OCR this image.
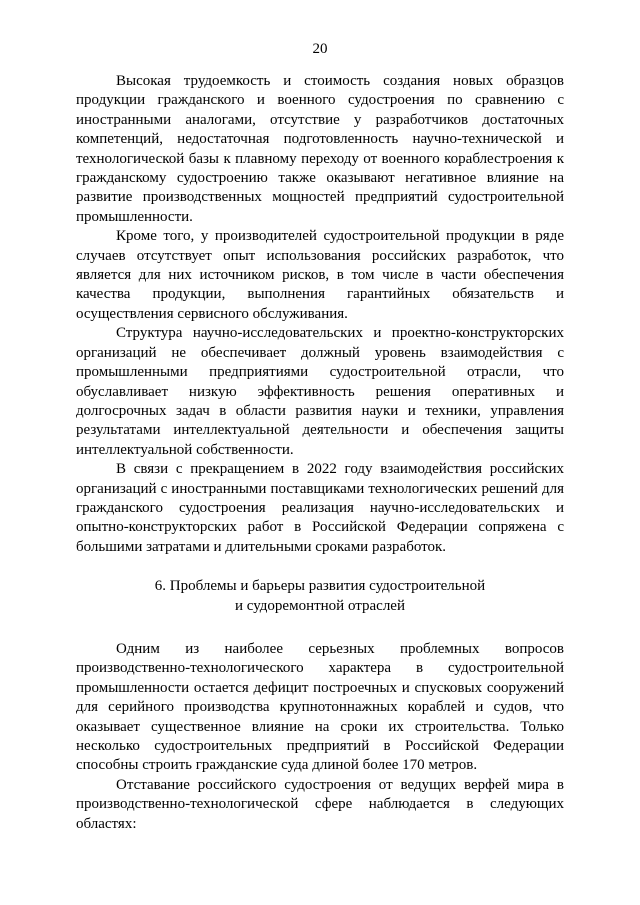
20

Высокая трудоемкость и стоимость создания новых образцов продукции гражданского и военного судостроения по сравнению с иностранными аналогами, отсутствие у разработчиков достаточных компетенций, недостаточная подготовленность научно-технической и технологической базы к плавному переходу от военного кораблестроения к гражданскому судостроению также оказывают негативное влияние на развитие производственных мощностей предприятий судостроительной промышленности.

Кроме того, у производителей судостроительной продукции в ряде случаев отсутствует опыт использования российских разработок, что является для них источником рисков, в том числе в части обеспечения качества продукции, выполнения гарантийных обязательств и осуществления сервисного обслуживания.

Структура научно-исследовательских и проектно-конструкторских организаций не обеспечивает должный уровень взаимодействия с промышленными предприятиями судостроительной отрасли, что обуславливает низкую эффективность решения оперативных и долгосрочных задач в области развития науки и техники, управления результатами интеллектуальной деятельности и обеспечения защиты интеллектуальной собственности.

В связи с прекращением в 2022 году взаимодействия российских организаций с иностранными поставщиками технологических решений для гражданского судостроения реализация научно-исследовательских и опытно-конструкторских работ в Российской Федерации сопряжена с большими затратами и длительными сроками разработок.

6. Проблемы и барьеры развития судостроительной
и судоремонтной отраслей

Одним из наиболее серьезных проблемных вопросов производственно-технологического характера в судостроительной промышленности остается дефицит построечных и спусковых сооружений для серийного производства крупнотоннажных кораблей и судов, что оказывает существенное влияние на сроки их строительства. Только несколько судостроительных предприятий в Российской Федерации способны строить гражданские суда длиной более 170 метров.

Отставание российского судостроения от ведущих верфей мира в производственно-технологической сфере наблюдается в следующих областях:
